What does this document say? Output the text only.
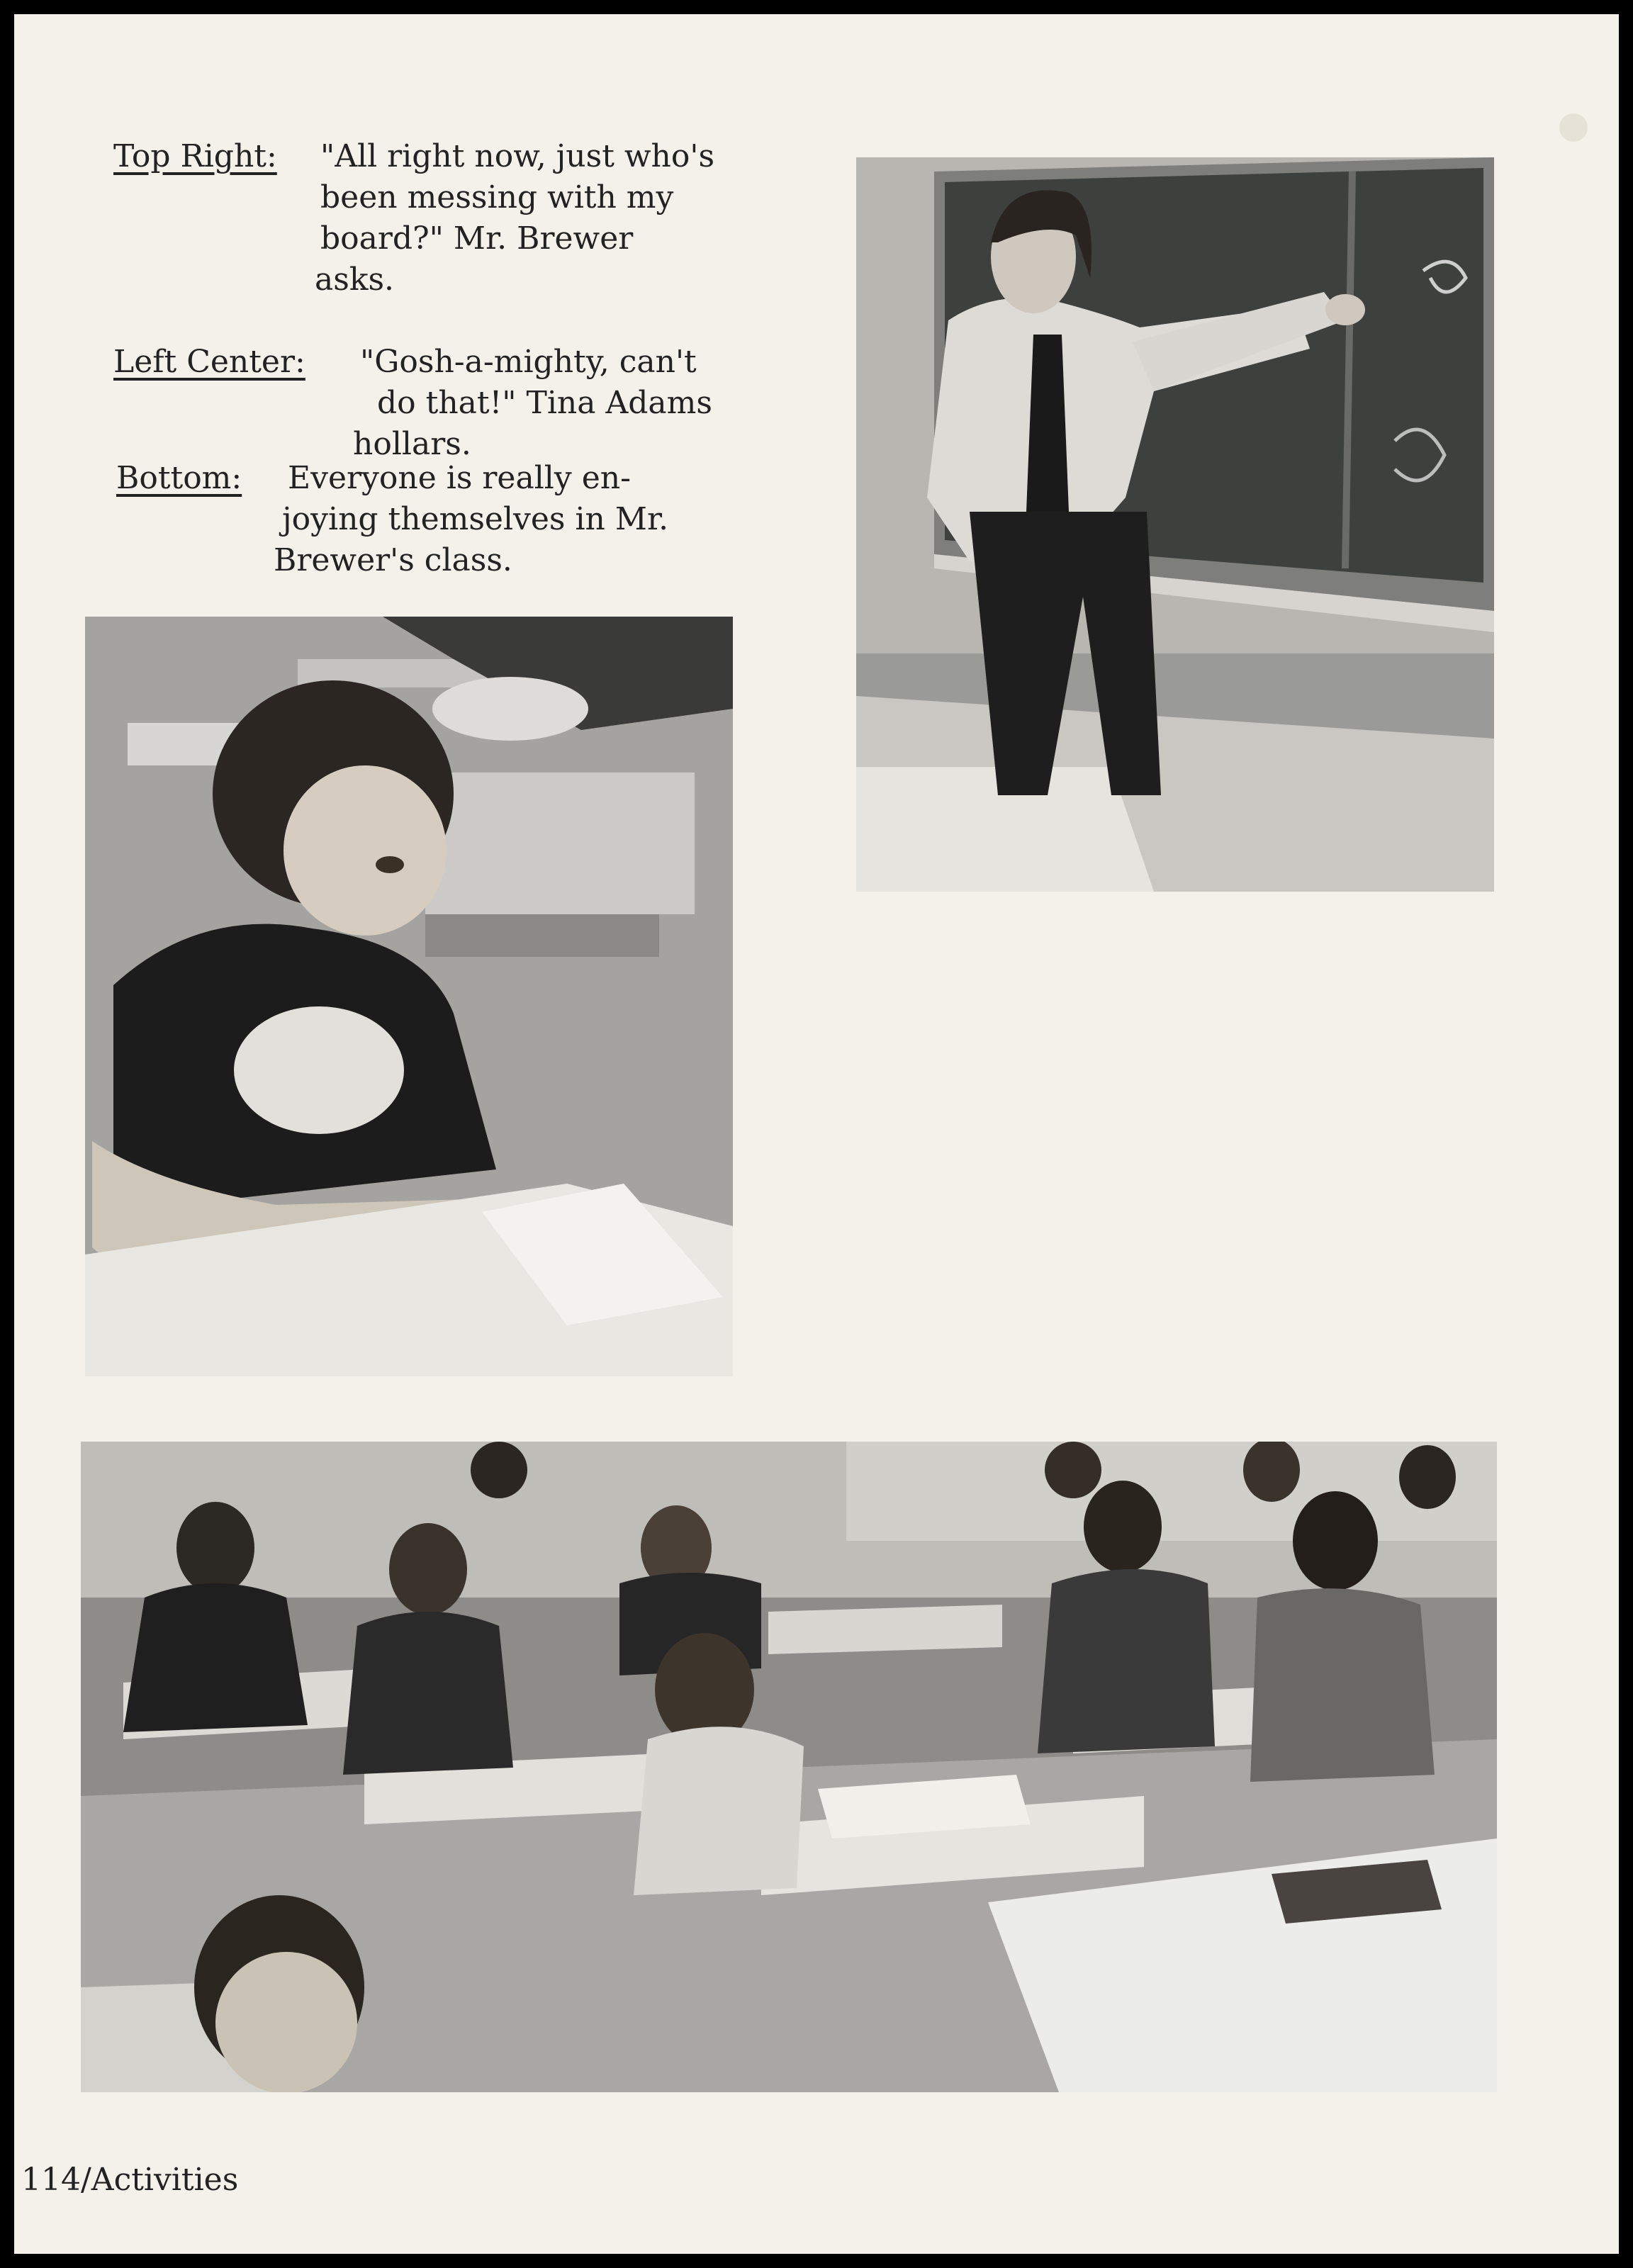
Top Right: "All right now, just who's
been messing with my
board?" Mr. Brewer
asks.
Left Center: "Gosh-a-mighty, can't
do that!" Tina Adams
hollars.
Bottom: Everyone is really en-
joying themselves in Mr.
Brewer's class.
114/Activities
